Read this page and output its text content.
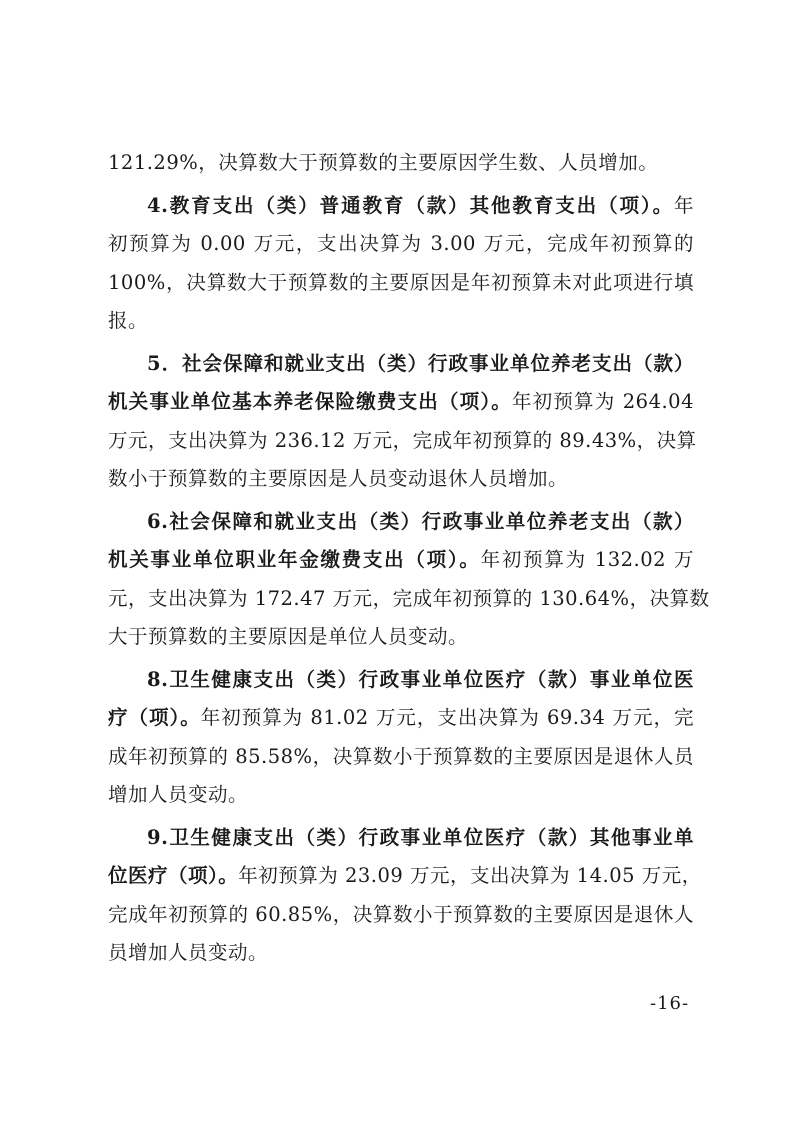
121.29%，决算数大于预算数的主要原因学生数、人员增加。
4.教育支出（类）普通教育（款）其他教育支出（项）。年
初预算为 0.00 万元，支出决算为 3.00 万元，完成年初预算的
100%，决算数大于预算数的主要原因是年初预算未对此项进行填
报。
5．社会保障和就业支出（类）行政事业单位养老支出（款）
机关事业单位基本养老保险缴费支出（项）。年初预算为 264.04
万元，支出决算为 236.12 万元，完成年初预算的 89.43%，决算
数小于预算数的主要原因是人员变动退休人员增加。
6.社会保障和就业支出（类）行政事业单位养老支出（款）
机关事业单位职业年金缴费支出（项）。年初预算为 132.02 万
元，支出决算为 172.47 万元，完成年初预算的 130.64%，决算数
大于预算数的主要原因是单位人员变动。
8.卫生健康支出（类）行政事业单位医疗（款）事业单位医
疗（项）。年初预算为 81.02 万元，支出决算为 69.34 万元，完
成年初预算的 85.58%，决算数小于预算数的主要原因是退休人员
增加人员变动。
9.卫生健康支出（类）行政事业单位医疗（款）其他事业单
位医疗（项）。年初预算为 23.09 万元，支出决算为 14.05 万元，
完成年初预算的 60.85%，决算数小于预算数的主要原因是退休人
员增加人员变动。
-16-
